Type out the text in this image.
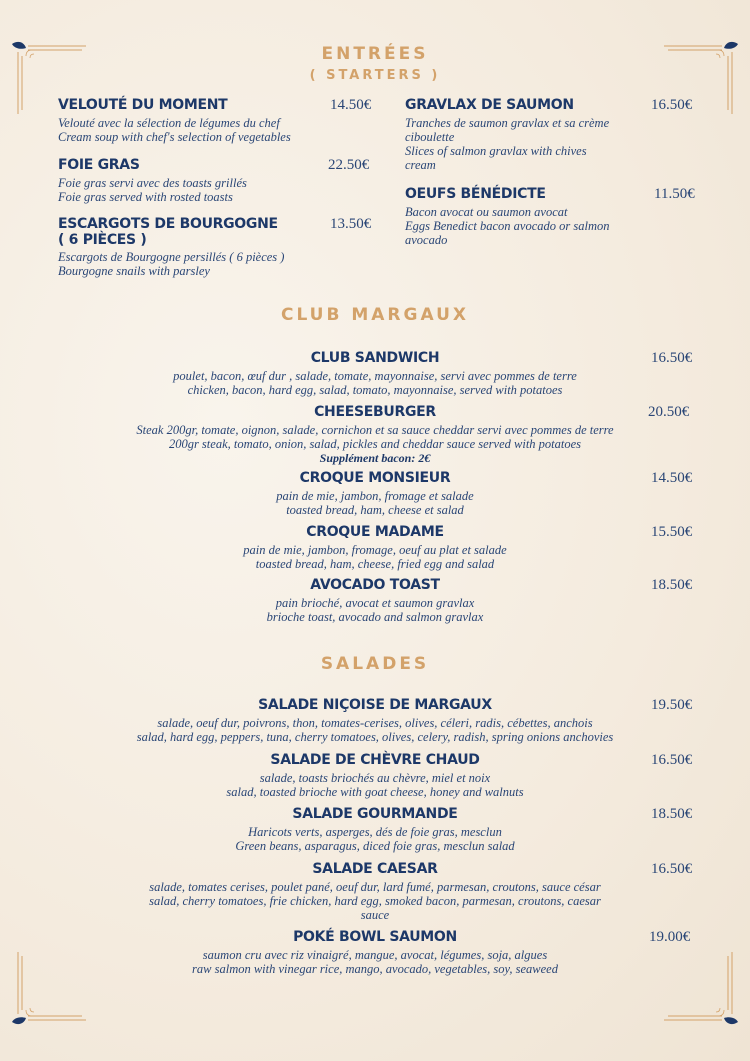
ENTRÉES
( STARTERS )
VELOUTÉ DU MOMENT
Velouté avec la sélection de légumes du chef
Cream soup with chef's selection of vegetables
14.50€
FOIE GRAS
Foie gras servi avec des toasts grillés
Foie gras served with rosted toasts
22.50€
ESCARGOTS DE BOURGOGNE
( 6 PIÈCES )
Escargots de Bourgogne persillés ( 6 pièces )
Bourgogne snails with parsley
13.50€
GRAVLAX DE SAUMON
Tranches de saumon gravlax et sa crème
ciboulette
Slices of salmon gravlax with chives
cream
16.50€
OEUFS BÉNÉDICTE
Bacon avocat ou saumon avocat
Eggs Benedict bacon avocado or salmon
avocado
11.50€
CLUB MARGAUX
CLUB SANDWICH
poulet, bacon, œuf dur , salade, tomate, mayonnaise, servi avec pommes de terre
chicken, bacon, hard egg, salad, tomato, mayonnaise, served with potatoes
16.50€
CHEESEBURGER
Steak 200gr, tomate, oignon, salade, cornichon et sa sauce cheddar servi avec pommes de terre
200gr steak, tomato, onion, salad, pickles and cheddar sauce served with potatoes
Supplément bacon: 2€
20.50€
CROQUE MONSIEUR
pain de mie, jambon, fromage et salade
toasted bread, ham, cheese et salad
14.50€
CROQUE MADAME
pain de mie, jambon, fromage, oeuf au plat et salade
toasted bread, ham, cheese, fried egg and salad
15.50€
AVOCADO TOAST
pain brioché, avocat et saumon gravlax
brioche toast, avocado and salmon gravlax
18.50€
SALADES
SALADE NIÇOISE DE MARGAUX
salade, oeuf dur, poivrons, thon, tomates-cerises, olives, céleri, radis, cébettes, anchois
salad, hard egg, peppers, tuna, cherry tomatoes, olives, celery, radish, spring onions anchovies
19.50€
SALADE DE CHÈVRE CHAUD
salade, toasts briochés au chèvre, miel et noix
salad, toasted brioche with goat cheese, honey and walnuts
16.50€
SALADE GOURMANDE
Haricots verts, asperges, dés de foie gras, mesclun
Green beans, asparagus, diced foie gras, mesclun salad
18.50€
SALADE CAESAR
salade, tomates cerises, poulet pané, oeuf dur, lard fumé, parmesan, croutons, sauce césar
salad, cherry tomatoes, frie chicken, hard egg, smoked bacon, parmesan, croutons, caesar
sauce
16.50€
POKÉ BOWL SAUMON
saumon cru avec riz vinaigré, mangue, avocat, légumes, soja, algues
raw salmon with vinegar rice, mango, avocado, vegetables, soy, seaweed
19.00€
